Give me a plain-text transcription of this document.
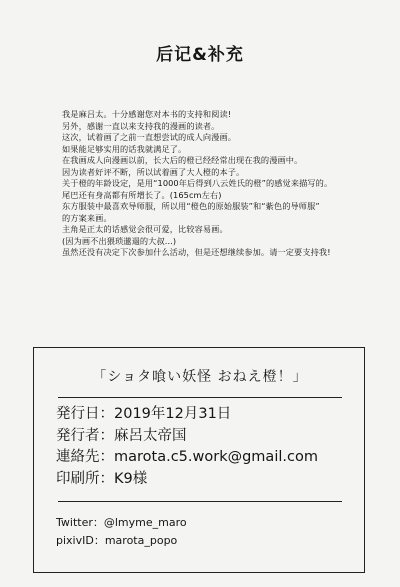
后记&补充
我是麻吕太。十分感谢您对本书的支持和阅读!
另外，感谢一直以来支持我的漫画的读者。
这次，试着画了之前一直想尝试的成人向漫画。
如果能足够实用的话我就满足了。
在我画成人向漫画以前，长大后的橙已经经常出现在我的漫画中。
因为读者好评不断，所以试着画了大人橙的本子。
关于橙的年龄设定，是用“1000年后得到八云姓氏的橙”的感觉来描写的。
尾巴还有身高都有所增长了。(165cm左右)
东方服装中最喜欢导师服，所以用“橙色的原始服装”和“紫色的导师服”
的方案来画。
主角是正太的话感觉会很可爱，比较容易画。
(因为画不出猥琐邋遢的大叔...)
虽然还没有决定下次参加什么活动，但是还想继续参加。请一定要支持我!
「ショタ喰い妖怪 おねえ橙！」
発行日：2019年12月31日
発行者：麻呂太帝国
連絡先：marota.c5.work@gmail.com
印刷所：K9様
Twitter：@lmyme_maro
pixivID：marota_popo
